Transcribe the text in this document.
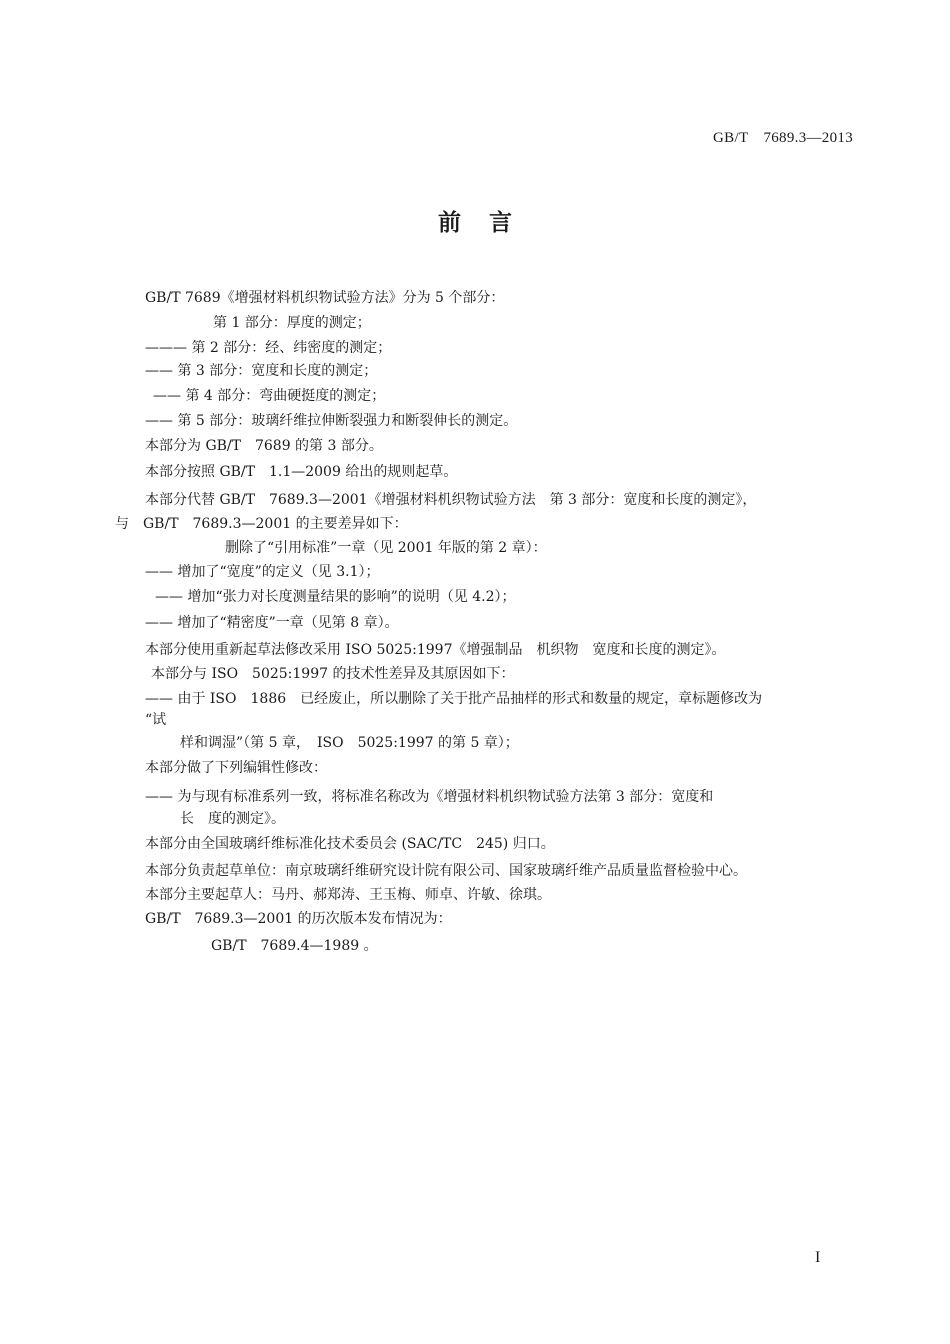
GB/T　7689.3—2013
前言
GB/T 7689《增强材料机织物试验方法》分为 5 个部分：
第 1 部分：厚度的测定；
——— 第 2 部分：经、纬密度的测定；
—— 第 3 部分：宽度和长度的测定；
—— 第 4 部分：弯曲硬挺度的测定；
—— 第 5 部分：玻璃纤维拉伸断裂强力和断裂伸长的测定。
本部分为 GB/T　7689 的第 3 部分。
本部分按照 GB/T　1.1—2009 给出的规则起草。
本部分代替 GB/T　7689.3—2001《增强材料机织物试验方法　第 3 部分：宽度和长度的测定》，
与　GB/T　7689.3—2001 的主要差异如下：
删除了“引用标准”一章（见 2001 年版的第 2 章）：
—— 增加了“宽度”的定义（见 3.1）；
—— 增加“张力对长度测量结果的影响”的说明（见 4.2）；
—— 增加了“精密度”一章（见第 8 章）。
本部分使用重新起草法修改采用 ISO 5025:1997《增强制品　机织物　宽度和长度的测定》。
本部分与 ISO　5025:1997 的技术性差异及其原因如下：
—— 由于 ISO　1886　已经废止，所以删除了关于批产品抽样的形式和数量的规定，章标题修改为
“试
样和调湿”（第 5 章，　ISO　5025:1997 的第 5 章）；
本部分做了下列编辑性修改：
—— 为与现有标准系列一致，将标准名称改为《增强材料机织物试验方法第 3 部分：宽度和
长　度的测定》。
本部分由全国玻璃纤维标准化技术委员会 (SAC/TC　245) 归口。
本部分负责起草单位：南京玻璃纤维研究设计院有限公司、国家玻璃纤维产品质量监督检验中心。
本部分主要起草人：马丹、郝郑涛、王玉梅、师卓、许敏、徐琪。
GB/T　7689.3—2001 的历次版本发布情况为：
GB/T　7689.4—1989 。
I
